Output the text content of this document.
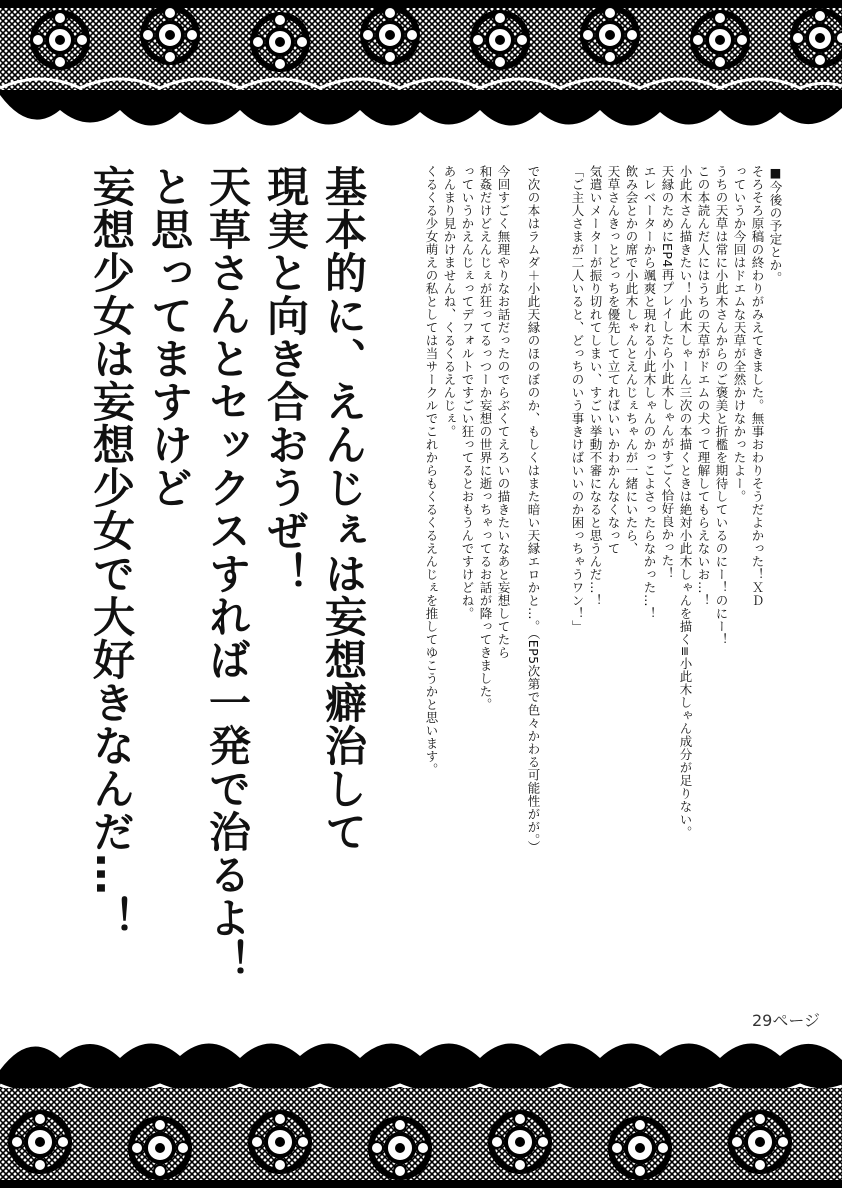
■今後の予定とか。

そろそろ原稿の終わりがみえてきました。無事おわりそうだよかった！ＸＤ
っていうか今回はドエムな天草が全然かけなかったよー。
うちの天草は常に小此木さんからのご褒美と折檻を期待しているのにー！のにー！
この本読んだ人にはうちの天草がドエムの犬って理解してもらえないお…！
小此木さん描きたい！小此木しゃーん三次の本描くときは絶対小此木しゃんを描く≡小此木しゃん成分が足りない。
天縁のためにEP4再プレイしたら小此木しゃんがすごく恰好良かった！
エレベーターから颯爽と現れる小此木しゃんのかっこよさったらなかった…！
飲み会とかの席で小此木しゃんとえんじぇちゃんが一緒にいたら、
天草さんきっとどっちを優先して立てればいいかわかんなくなって
気遣いメーターが振り切れてしまい、すごい挙動不審になると思うんだ…！
「ご主人さまが二人いると、どっちのいう事きけばいいのか困っちゃうワン！」

で次の本はラムダ＋小此天縁のほのぼのか、もしくはまた暗い天縁エロかと…。（EP5次第で色々かわる可能性がが。）

今回すごく無理やりなお話だったのでらぶくてえろいの描きたいなあと妄想してたら
和姦だけどえんじぇが狂ってるっつーか妄想の世界に逝っちゃってるお話が降ってきました。
っていうかえんじぇってデフォルトですごい狂ってるとおもうんですけどね。
あんまり見かけませんね、くるくるえんじぇ。
くるくる少女萌えの私としては当サークルでこれからもくるくるえんじぇを推してゆこうかと思います。

基本的に、えんじぇは妄想癖治して
現実と向き合おうぜ！
天草さんとセックスすれば一発で治るよ！
と思ってますけど
妄想少女は妄想少女で大好きなんだ…！

29ページ
